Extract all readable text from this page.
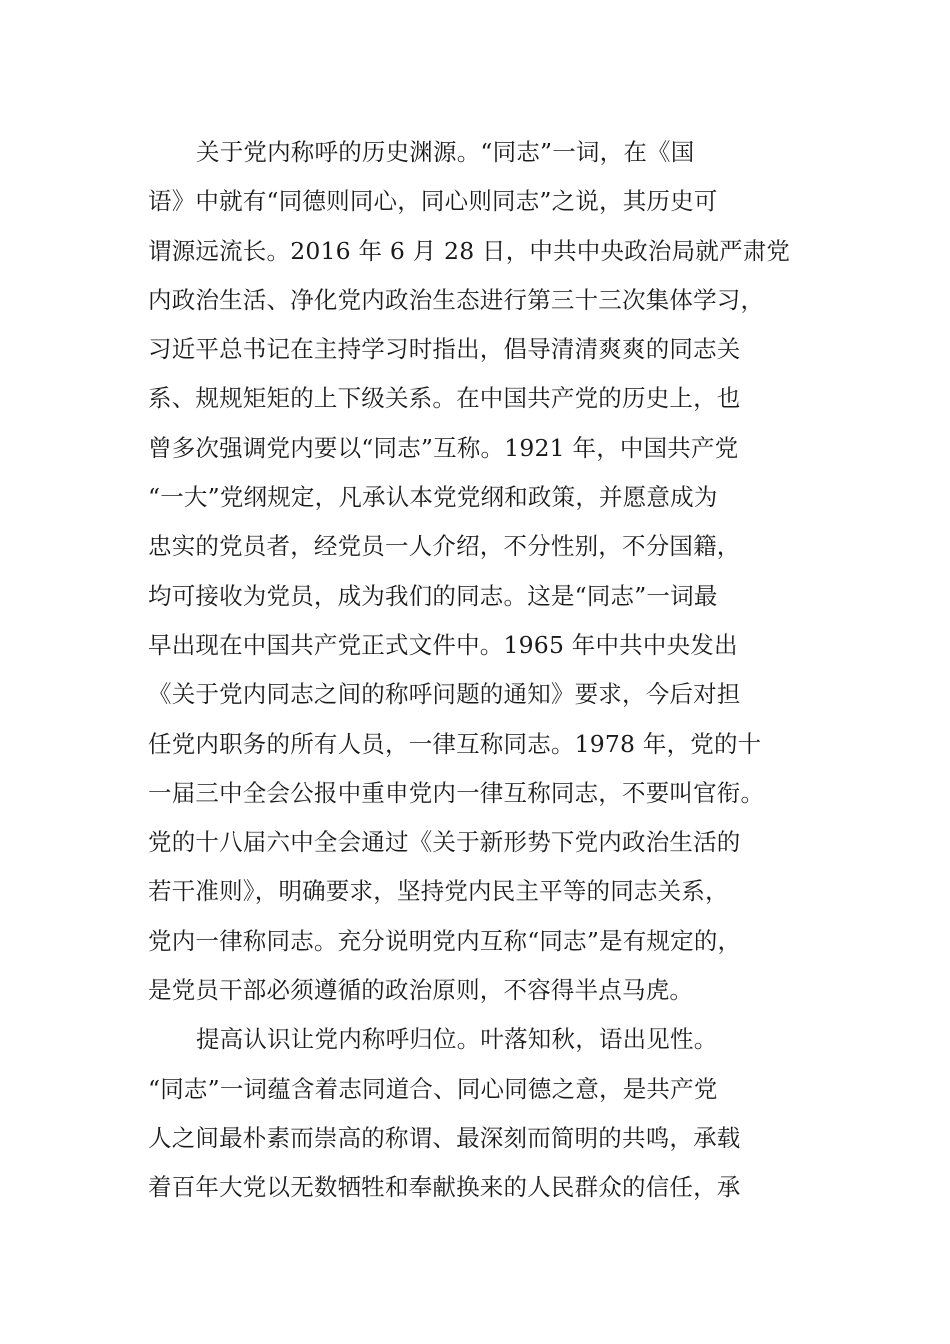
关于党内称呼的历史渊源。“同志”一词，在《国
语》中就有“同德则同心，同心则同志”之说，其历史可
谓源远流长。2016 年 6 月 28 日，中共中央政治局就严肃党
内政治生活、净化党内政治生态进行第三十三次集体学习，
习近平总书记在主持学习时指出，倡导清清爽爽的同志关
系、规规矩矩的上下级关系。在中国共产党的历史上，也
曾多次强调党内要以“同志”互称。1921 年，中国共产党
“一大”党纲规定，凡承认本党党纲和政策，并愿意成为
忠实的党员者，经党员一人介绍，不分性别，不分国籍，
均可接收为党员，成为我们的同志。这是“同志”一词最
早出现在中国共产党正式文件中。1965 年中共中央发出
《关于党内同志之间的称呼问题的通知》要求，今后对担
任党内职务的所有人员，一律互称同志。1978 年，党的十
一届三中全会公报中重申党内一律互称同志，不要叫官衔。
党的十八届六中全会通过《关于新形势下党内政治生活的
若干准则》，明确要求，坚持党内民主平等的同志关系，
党内一律称同志。充分说明党内互称“同志”是有规定的，
是党员干部必须遵循的政治原则，不容得半点马虎。
提高认识让党内称呼归位。叶落知秋，语出见性。
“同志”一词蕴含着志同道合、同心同德之意，是共产党
人之间最朴素而崇高的称谓、最深刻而简明的共鸣，承载
着百年大党以无数牺牲和奉献换来的人民群众的信任，承
